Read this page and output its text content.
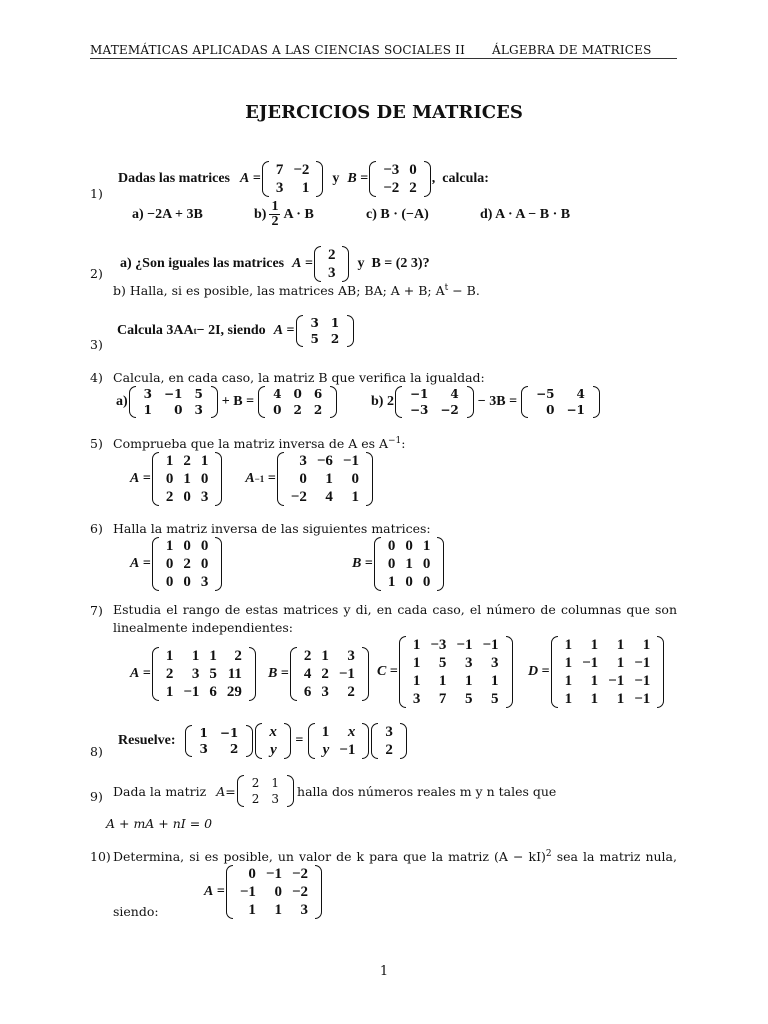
MATEMÁTICAS APLICADAS A LAS CIENCIAS SOCIALES II ÁLGEBRA DE MATRICES
EJERCICIOS DE MATRICES
1)
Dadas las matrices A =
7	−2
3	1
y B =
−3	0
−2	2
, calcula:
a) −2A + 3B	$b) \frac{1}{2}$ A · B	c) B · (−A)	d) A · A − B · B
2)
a) ¿Son iguales las matrices A =
2
3
y B = (2 3)?
b) Halla, si es posible, las matrices AB; BA; A + B; $A^t - B$.
Calcula 3AA t − 2I, siendo A = 3	1
5	2
3)
4) Calcula, en cada caso, la matriz B que verifica la igualdad:
a) 3	−1	5
1	0	3
+ B = 4	0	6
0	2	2
b) 2 −1	4
−3	−2
− 3B = −5	4
0	−1
5) Comprueba que la matriz inversa de A es $A^{-1}$:
A =
1	2	1
0	1	0
2	0	3
A −1 =
3	−6	−1
0	1	0
−2	4	1
6) Halla la matriz inversa de las siguientes matrices:
A =
1	0	0
0	2	0
0	0	3
B =
0	0	1
0	1	0
1	0	0
7) Estudia el rango de estas matrices y di, en cada caso, el número de columnas que son
linealmente independientes:
A =
1	1	1	2
2	3	5	11
1	−1	6	29
B =
2	1	3
4	2	−1
6	3	2
C =
1	−3	−1	−1
1	5	3	3
1	1	1	1
3	7	5	5
D =
1	1	1	1
1	−1	1	−1
1	1	−1	−1
1	1	1	−1
Resuelve: 1	−1
3	2
x
y
=
1	x
y	−1
3
2
8)
9) Dada la matriz A =
2	1
2	3
halla dos números reales m y n tales que
A + mA + nI = 0
10) Determina, si es posible, un valor de k para que la matriz (A − kI)$^2$ sea la matriz nula,
A =
0	−1	−2
−1	0	−2
1	1	3
siendo:
1
